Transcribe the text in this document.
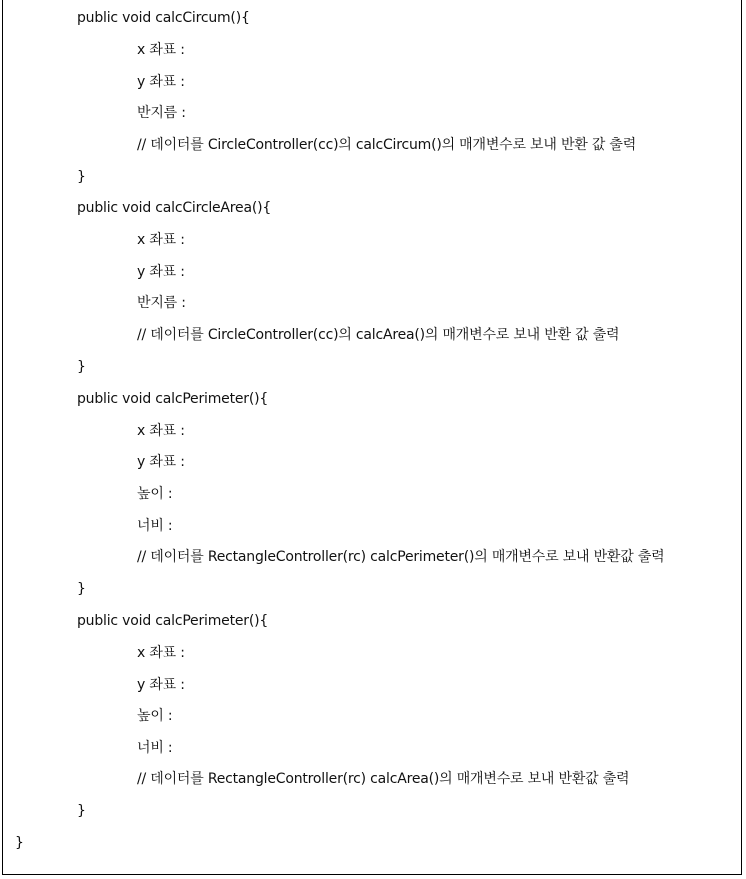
public void calcCircum(){
x 좌표 :
y 좌표 :
반지름 :
// 데이터를 CircleController(cc)의 calcCircum()의 매개변수로 보내 반환 값 출력
}
public void calcCircleArea(){
x 좌표 :
y 좌표 :
반지름 :
// 데이터를 CircleController(cc)의 calcArea()의 매개변수로 보내 반환 값 출력
}
public void calcPerimeter(){
x 좌표 :
y 좌표 :
높이 :
너비 :
// 데이터를 RectangleController(rc) calcPerimeter()의 매개변수로 보내 반환값 출력
}
public void calcPerimeter(){
x 좌표 :
y 좌표 :
높이 :
너비 :
// 데이터를 RectangleController(rc) calcArea()의 매개변수로 보내 반환값 출력
}
}
